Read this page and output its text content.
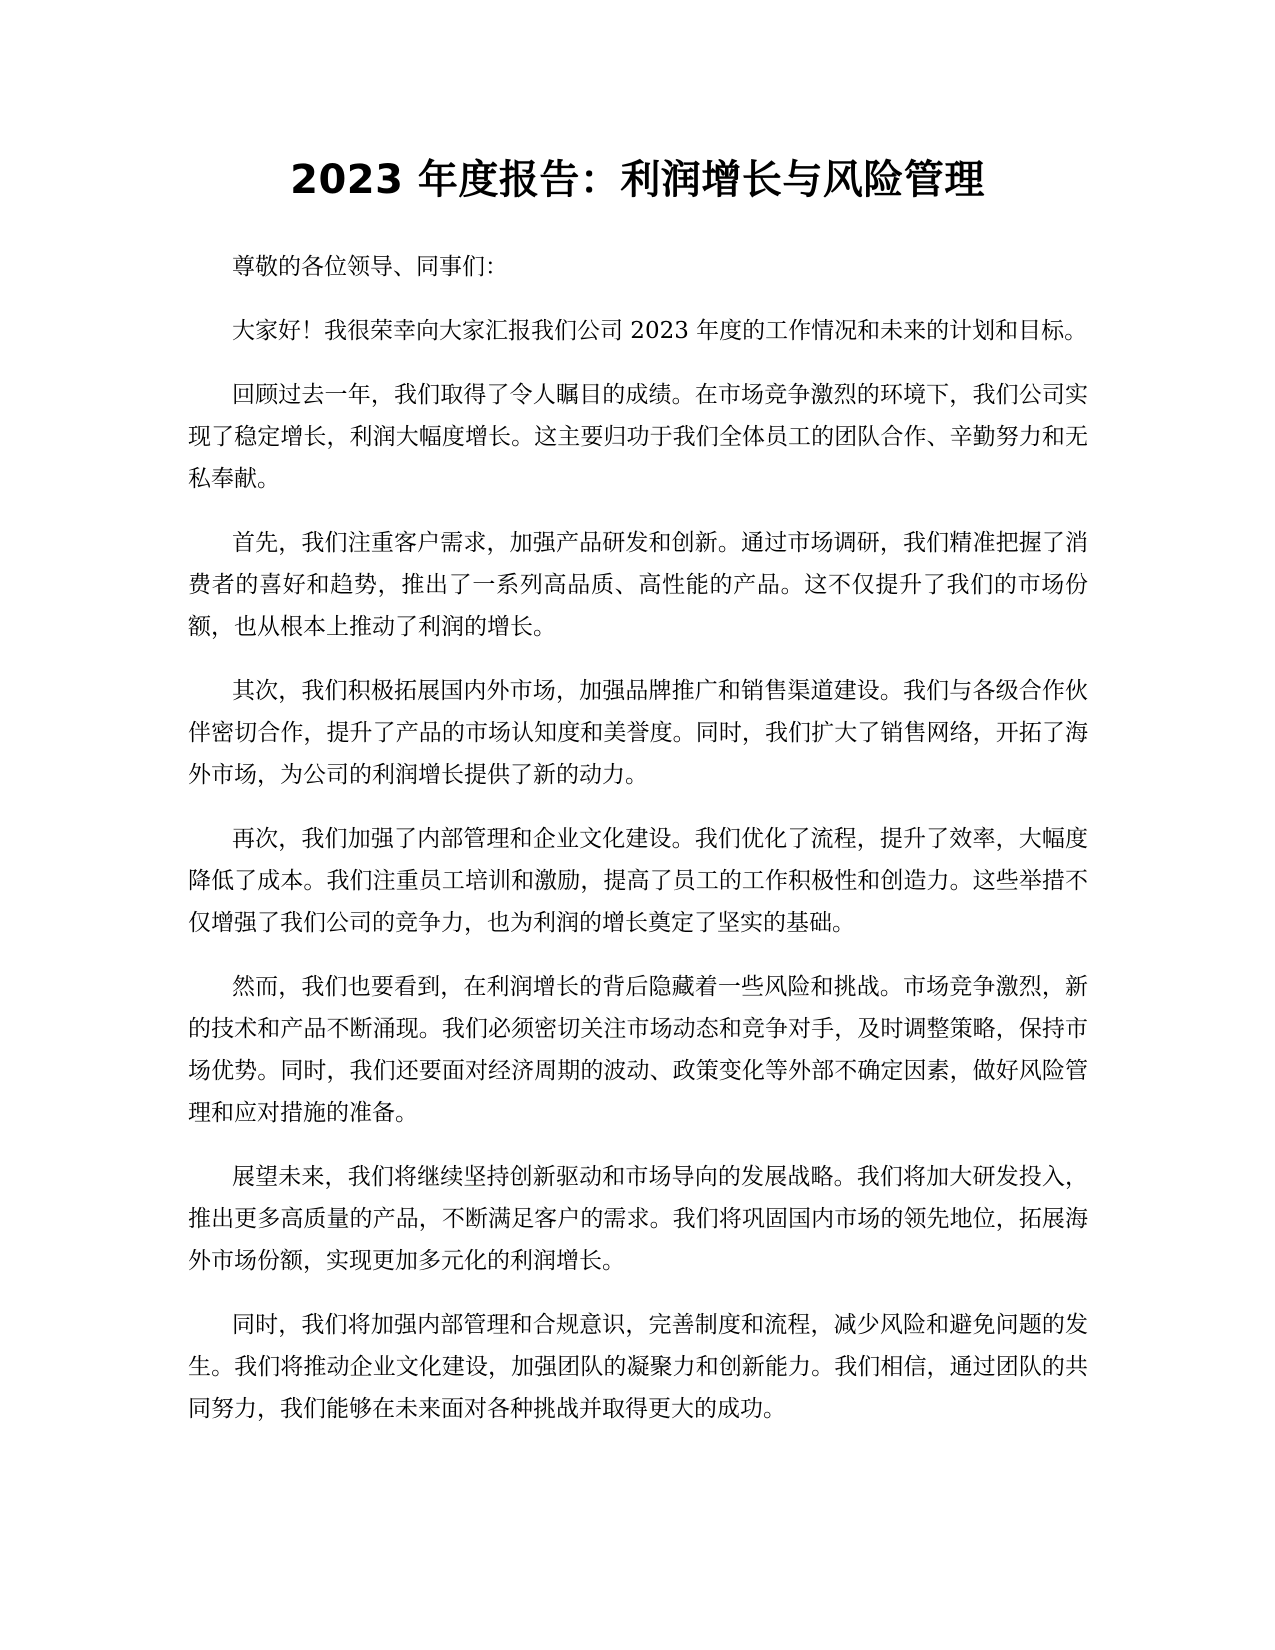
2023 年度报告：利润增长与风险管理

尊敬的各位领导、同事们：

大家好！我很荣幸向大家汇报我们公司 2023 年度的工作情况和未来的计划和目标。

回顾过去一年，我们取得了令人瞩目的成绩。在市场竞争激烈的环境下，我们公司实现了稳定增长，利润大幅度增长。这主要归功于我们全体员工的团队合作、辛勤努力和无私奉献。

首先，我们注重客户需求，加强产品研发和创新。通过市场调研，我们精准把握了消费者的喜好和趋势，推出了一系列高品质、高性能的产品。这不仅提升了我们的市场份额，也从根本上推动了利润的增长。

其次，我们积极拓展国内外市场，加强品牌推广和销售渠道建设。我们与各级合作伙伴密切合作，提升了产品的市场认知度和美誉度。同时，我们扩大了销售网络，开拓了海外市场，为公司的利润增长提供了新的动力。

再次，我们加强了内部管理和企业文化建设。我们优化了流程，提升了效率，大幅度降低了成本。我们注重员工培训和激励，提高了员工的工作积极性和创造力。这些举措不仅增强了我们公司的竞争力，也为利润的增长奠定了坚实的基础。

然而，我们也要看到，在利润增长的背后隐藏着一些风险和挑战。市场竞争激烈，新的技术和产品不断涌现。我们必须密切关注市场动态和竞争对手，及时调整策略，保持市场优势。同时，我们还要面对经济周期的波动、政策变化等外部不确定因素，做好风险管理和应对措施的准备。

展望未来，我们将继续坚持创新驱动和市场导向的发展战略。我们将加大研发投入，推出更多高质量的产品，不断满足客户的需求。我们将巩固国内市场的领先地位，拓展海外市场份额，实现更加多元化的利润增长。

同时，我们将加强内部管理和合规意识，完善制度和流程，减少风险和避免问题的发生。我们将推动企业文化建设，加强团队的凝聚力和创新能力。我们相信，通过团队的共同努力，我们能够在未来面对各种挑战并取得更大的成功。
